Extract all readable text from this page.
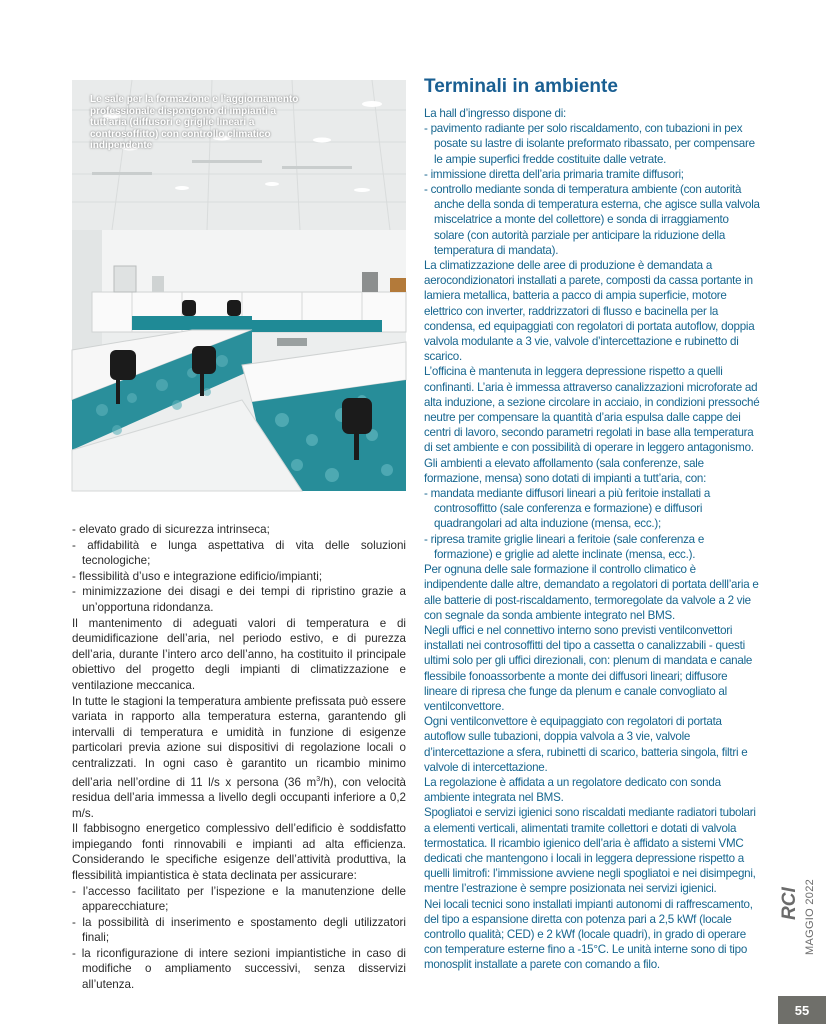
Le sale per la formazione e l’aggiornamento professionale dispongono di impianti a tutt’aria (diffusori e griglie lineari a controsoffitto) con controllo climatico indipendente
©Tecnoedilizia
- elevato grado di sicurezza intrinseca;
- affidabilità e lunga aspettativa di vita delle soluzioni tecnologiche;
- flessibilità d’uso e integrazione edificio/impianti;
- minimizzazione dei disagi e dei tempi di ripristino grazie a un’opportuna ridondanza.

Il mantenimento di adeguati valori di temperatura e di deumidificazione dell’aria, nel periodo estivo, e di purezza dell’aria, durante l’intero arco dell’anno, ha costituito il principale obiettivo del progetto degli impianti di climatizzazione e ventilazione meccanica.

In tutte le stagioni la temperatura ambiente prefissata può essere variata in rapporto alla temperatura esterna, garantendo gli intervalli di temperatura e umidità in funzione di esigenze particolari previa azione sui dispositivi di regolazione locali o centralizzati. In ogni caso è garantito un ricambio minimo dell’aria nell’ordine di 11 l/s x persona (36 $m^3/h$), con velocità residua dell’aria immessa a livello degli occupanti inferiore a 0,2 m/s.

Il fabbisogno energetico complessivo dell’edificio è soddisfatto impiegando fonti rinnovabili e impianti ad alta efficienza. Considerando le specifiche esigenze dell’attività produttiva, la flessibilità impiantistica è stata declinata per assicurare:

- l’accesso facilitato per l’ispezione e la manutenzione delle apparecchiature;
- la possibilità di inserimento e spostamento degli utilizzatori finali;
- la riconfigurazione di intere sezioni impiantistiche in caso di modifiche o ampliamento successivi, senza disservizi all’utenza.
Terminali in ambiente

La hall d’ingresso dispone di:

- pavimento radiante per solo riscaldamento, con tubazioni in pex posate su lastre di isolante preformato ribassato, per compensare le ampie superfici fredde costituite dalle vetrate.
- immissione diretta dell’aria primaria tramite diffusori;
- controllo mediante sonda di temperatura ambiente (con autorità anche della sonda di temperatura esterna, che agisce sulla valvola miscelatrice a monte del collettore) e sonda di irraggiamento solare (con autorità parziale per anticipare la riduzione della temperatura di mandata).

La climatizzazione delle aree di produzione è demandata a aerocondizionatori installati a parete, composti da cassa portante in lamiera metallica, batteria a pacco di ampia superficie, motore elettrico con inverter, raddrizzatori di flusso e bacinella per la condensa, ed equipaggiati con regolatori di portata autoflow, doppia valvola modulante a 3 vie, valvole d’intercettazione e rubinetto di scarico.

L’officina è mantenuta in leggera depressione rispetto a quelli confinanti. L’aria è immessa attraverso canalizzazioni microforate ad alta induzione, a sezione circolare in acciaio, in condizioni pressoché neutre per compensare la quantità d’aria espulsa dalle cappe dei centri di lavoro, secondo parametri regolati in base alla temperatura di set ambiente e con possibilità di operare in leggero antagonismo.

Gli ambienti a elevato affollamento (sala conferenze, sale formazione, mensa) sono dotati di impianti a tutt’aria, con:

- mandata mediante diffusori lineari a più feritoie installati a controsoffitto (sale conferenza e formazione) e diffusori quadrangolari ad alta induzione (mensa, ecc.);
- ripresa tramite griglie lineari a feritoie (sale conferenza e formazione) e griglie ad alette inclinate (mensa, ecc.).

Per ognuna delle sale formazione il controllo climatico è indipendente dalle altre, demandato a regolatori di portata delll’aria e alle batterie di post-riscaldamento, termoregolate da valvole a 2 vie con segnale da sonda ambiente integrato nel BMS.

Negli uffici e nel connettivo interno sono previsti ventilconvettori installati nei controsoffitti del tipo a cassetta o canalizzabili - questi ultimi solo per gli uffici direzionali, con: plenum di mandata e canale flessibile fonoassorbente a monte dei diffusori lineari; diffusore lineare di ripresa che funge da plenum e canale convogliato al ventilconvettore.

Ogni ventilconvettore è equipaggiato con regolatori di portata autoflow sulle tubazioni, doppia valvola a 3 vie, valvole d’intercettazione a sfera, rubinetti di scarico, batteria singola, filtri e valvole di intercettazione.

La regolazione è affidata a un regolatore dedicato con sonda ambiente integrata nel BMS.

Spogliatoi e servizi igienici sono riscaldati mediante radiatori tubolari a elementi verticali, alimentati tramite collettori e dotati di valvola termostatica. Il ricambio igienico dell’aria è affidato a sistemi VMC dedicati che mantengono i locali in leggera depressione rispetto a quelli limitrofi: l’immissione avviene negli spogliatoi e nei disimpegni, mentre l’estrazione è sempre posizionata nei servizi igienici.

Nei locali tecnici sono installati impianti autonomi di raffrescamento, del tipo a espansione diretta con potenza pari a 2,5 kWf (locale controllo qualità; CED) e 2 kWf (locale quadri), in grado di operare con temperature esterne fino a -15°C. Le unità interne sono di tipo monosplit installate a parete con comando a filo.

RCI MAGGIO 2022
55
